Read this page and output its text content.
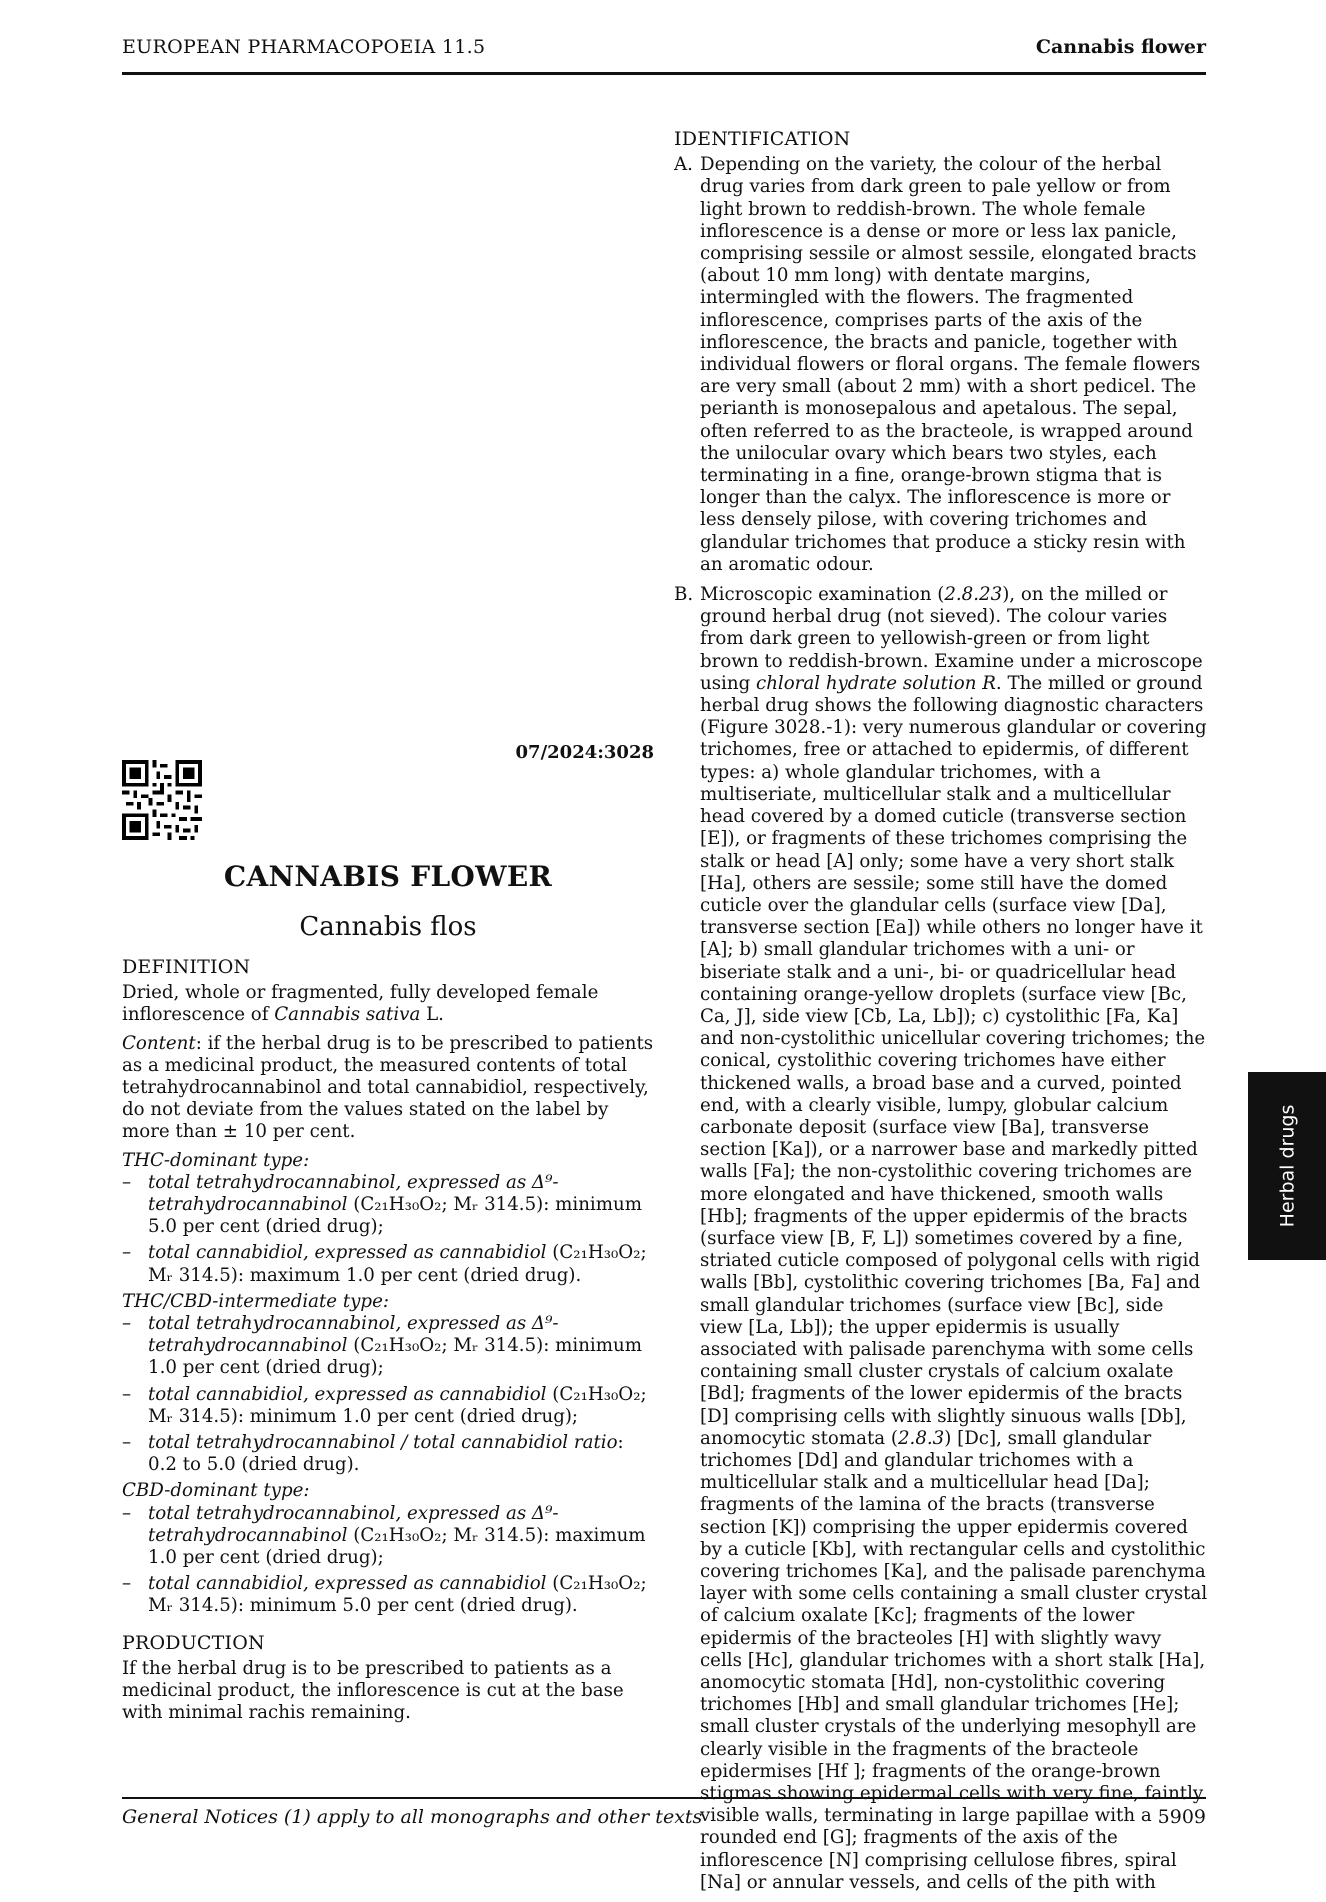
EUROPEAN PHARMACOPOEIA 11.5	Cannabis flower
Herbal drugs
07/2024:3028
CANNABIS FLOWER
Cannabis flos
DEFINITION

Dried, whole or fragmented, fully developed female inflorescence of Cannabis sativa L.

Content: if the herbal drug is to be prescribed to patients as a medicinal product, the measured contents of total tetrahydrocannabinol and total cannabidiol, respectively, do not deviate from the values stated on the label by more than ± 10 per cent.

THC-dominant type:
– total tetrahydrocannabinol, expressed as Δ⁹-tetrahydrocannabinol (C₂₁H₃₀O₂; Mᵣ 314.5): minimum 5.0 per cent (dried drug);
– total cannabidiol, expressed as cannabidiol (C₂₁H₃₀O₂; Mᵣ 314.5): maximum 1.0 per cent (dried drug).
THC/CBD-intermediate type:
– total tetrahydrocannabinol, expressed as Δ⁹-tetrahydrocannabinol (C₂₁H₃₀O₂; Mᵣ 314.5): minimum 1.0 per cent (dried drug);
– total cannabidiol, expressed as cannabidiol (C₂₁H₃₀O₂; Mᵣ 314.5): minimum 1.0 per cent (dried drug);
– total tetrahydrocannabinol / total cannabidiol ratio: 0.2 to 5.0 (dried drug).
CBD-dominant type:
– total tetrahydrocannabinol, expressed as Δ⁹-tetrahydrocannabinol (C₂₁H₃₀O₂; Mᵣ 314.5): maximum 1.0 per cent (dried drug);
– total cannabidiol, expressed as cannabidiol (C₂₁H₃₀O₂; Mᵣ 314.5): minimum 5.0 per cent (dried drug).
PRODUCTION

If the herbal drug is to be prescribed to patients as a medicinal product, the inflorescence is cut at the base with minimal rachis remaining.

IDENTIFICATION
A. Depending on the variety, the colour of the herbal drug varies from dark green to pale yellow or from light brown to reddish-brown. The whole female inflorescence is a dense or more or less lax panicle, comprising sessile or almost sessile, elongated bracts (about 10 mm long) with dentate margins, intermingled with the flowers. The fragmented inflorescence, comprises parts of the axis of the inflorescence, the bracts and panicle, together with individual flowers or floral organs. The female flowers are very small (about 2 mm) with a short pedicel. The perianth is monosepalous and apetalous. The sepal, often referred to as the bracteole, is wrapped around the unilocular ovary which bears two styles, each terminating in a fine, orange-brown stigma that is longer than the calyx. The inflorescence is more or less densely pilose, with covering trichomes and glandular trichomes that produce a sticky resin with an aromatic odour.
B. Microscopic examination (2.8.23), on the milled or ground herbal drug (not sieved). The colour varies from dark green to yellowish-green or from light brown to reddish-brown. Examine under a microscope using chloral hydrate solution R. The milled or ground herbal drug shows the following diagnostic characters (Figure 3028.-1): very numerous glandular or covering trichomes, free or attached to epidermis, of different types: a) whole glandular trichomes, with a multiseriate, multicellular stalk and a multicellular head covered by a domed cuticle (transverse section [E]), or fragments of these trichomes comprising the stalk or head [A] only; some have a very short stalk [Ha], others are sessile; some still have the domed cuticle over the glandular cells (surface view [Da], transverse section [Ea]) while others no longer have it [A]; b) small glandular trichomes with a uni- or biseriate stalk and a uni-, bi- or quadricellular head containing orange-yellow droplets (surface view [Bc, Ca, J], side view [Cb, La, Lb]); c) cystolithic [Fa, Ka] and non-cystolithic unicellular covering trichomes; the conical, cystolithic covering trichomes have either thickened walls, a broad base and a curved, pointed end, with a clearly visible, lumpy, globular calcium carbonate deposit (surface view [Ba], transverse section [Ka]), or a narrower base and markedly pitted walls [Fa]; the non-cystolithic covering trichomes are more elongated and have thickened, smooth walls [Hb]; fragments of the upper epidermis of the bracts (surface view [B, F, L]) sometimes covered by a fine, striated cuticle composed of polygonal cells with rigid walls [Bb], cystolithic covering trichomes [Ba, Fa] and small glandular trichomes (surface view [Bc], side view [La, Lb]); the upper epidermis is usually associated with palisade parenchyma with some cells containing small cluster crystals of calcium oxalate [Bd]; fragments of the lower epidermis of the bracts [D] comprising cells with slightly sinuous walls [Db], anomocytic stomata (2.8.3) [Dc], small glandular trichomes [Dd] and glandular trichomes with a multicellular stalk and a multicellular head [Da]; fragments of the lamina of the bracts (transverse section [K]) comprising the upper epidermis covered by a cuticle [Kb], with rectangular cells and cystolithic covering trichomes [Ka], and the palisade parenchyma layer with some cells containing a small cluster crystal of calcium oxalate [Kc]; fragments of the lower epidermis of the bracteoles [H] with slightly wavy cells [Hc], glandular trichomes with a short stalk [Ha], anomocytic stomata [Hd], non-cystolithic covering trichomes [Hb] and small glandular trichomes [He]; small cluster crystals of the underlying mesophyll are clearly visible in the fragments of the bracteole epidermises [Hf ]; fragments of the orange-brown stigmas showing epidermal cells with very fine, faintly visible walls, terminating in large papillae with a rounded end [G]; fragments of the axis of the inflorescence [N] comprising cellulose fibres, spiral [Na] or annular vessels, and cells of the pith with
General Notices (1) apply to all monographs and other texts	5909
